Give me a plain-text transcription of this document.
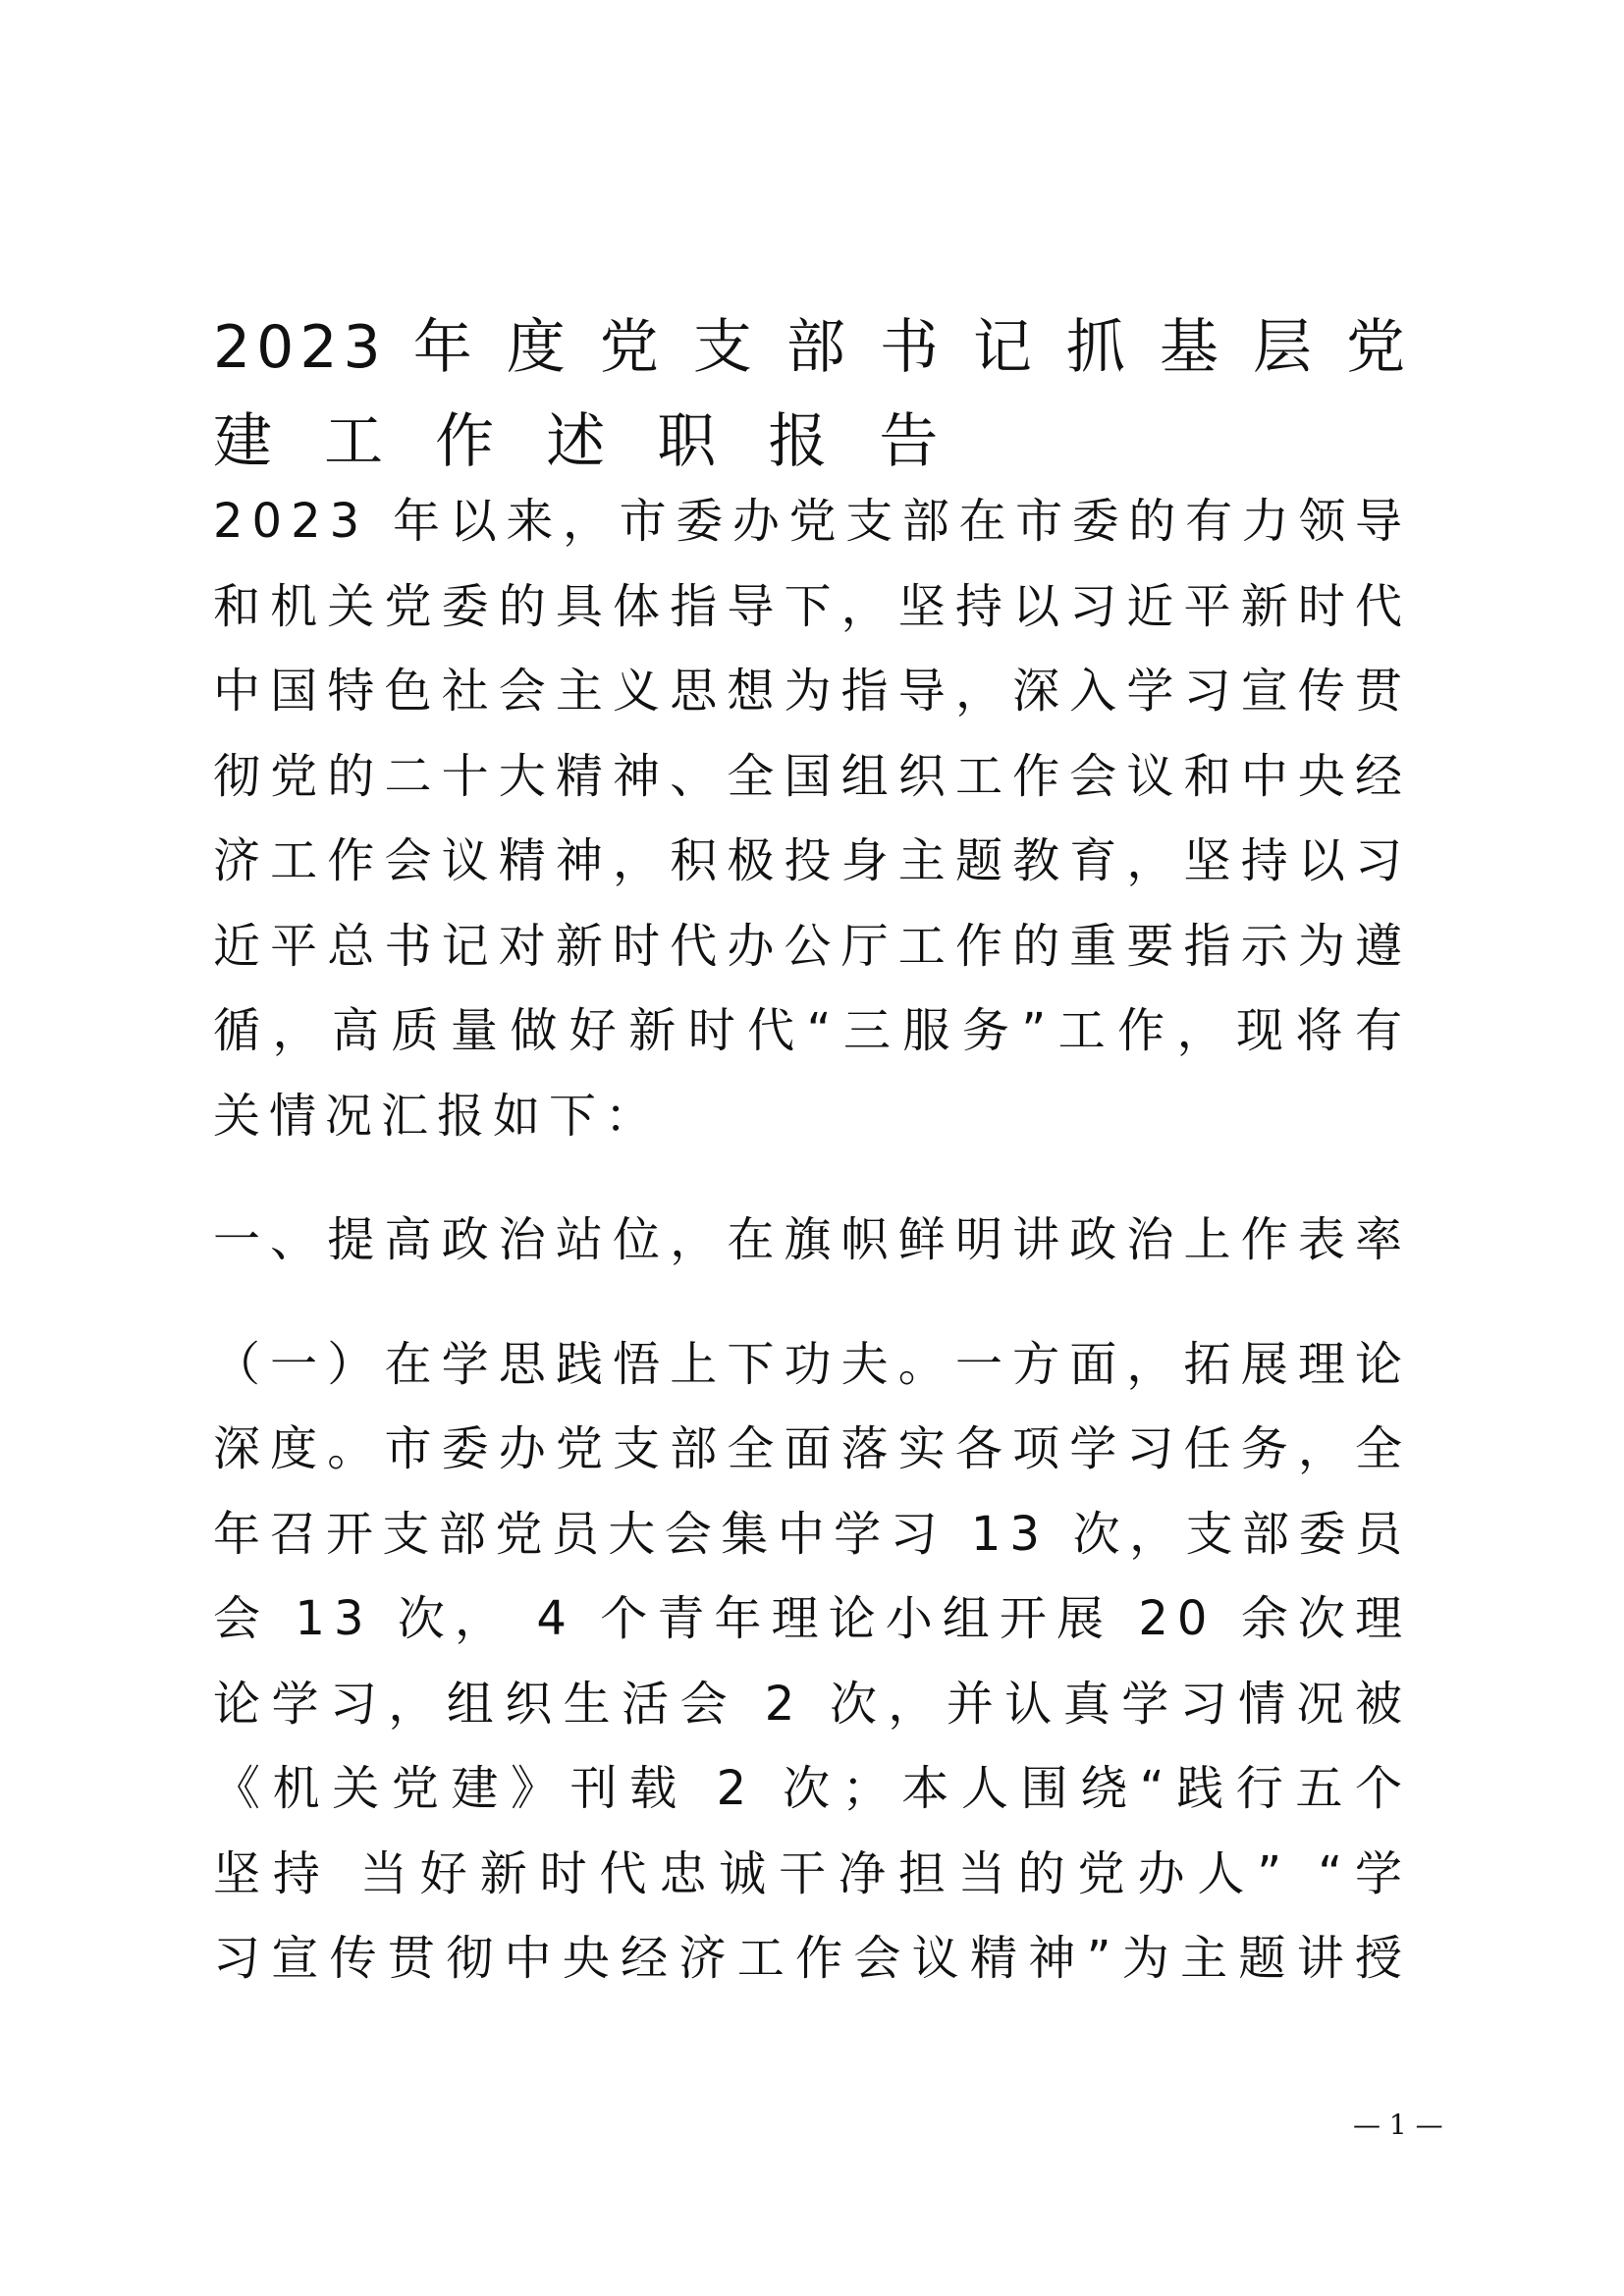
2023 年 度 党 支 部 书 记 抓 基 层 党
建 工 作 述 职 报 告

2023 年以来，市委办党支部在市委的有力领导
和机关党委的具体指导下，坚持以习近平新时代
中国特色社会主义思想为指导，深入学习宣传贯
彻党的二十大精神、全国组织工作会议和中央经
济工作会议精神，积极投身主题教育，坚持以习
近平总书记对新时代办公厅工作的重要指示为遵
循，高质量做好新时代“三服务”工作，现将有
关情况汇报如下：

一、提高政治站位，在旗帜鲜明讲政治上作表率

（一）在学思践悟上下功夫。一方面，拓展理论
深度。市委办党支部全面落实各项学习任务，全
年召开支部党员大会集中学习 13 次，支部委员
会 13 次， 4 个青年理论小组开展 20 余次理
论学习，组织生活会 2 次，并认真学习情况被
《机关党建》刊载 2 次；本人围绕“践行五个
坚持 当好新时代忠诚干净担当的党办人” “学
习宣传贯彻中央经济工作会议精神”为主题讲授

— 1 —
